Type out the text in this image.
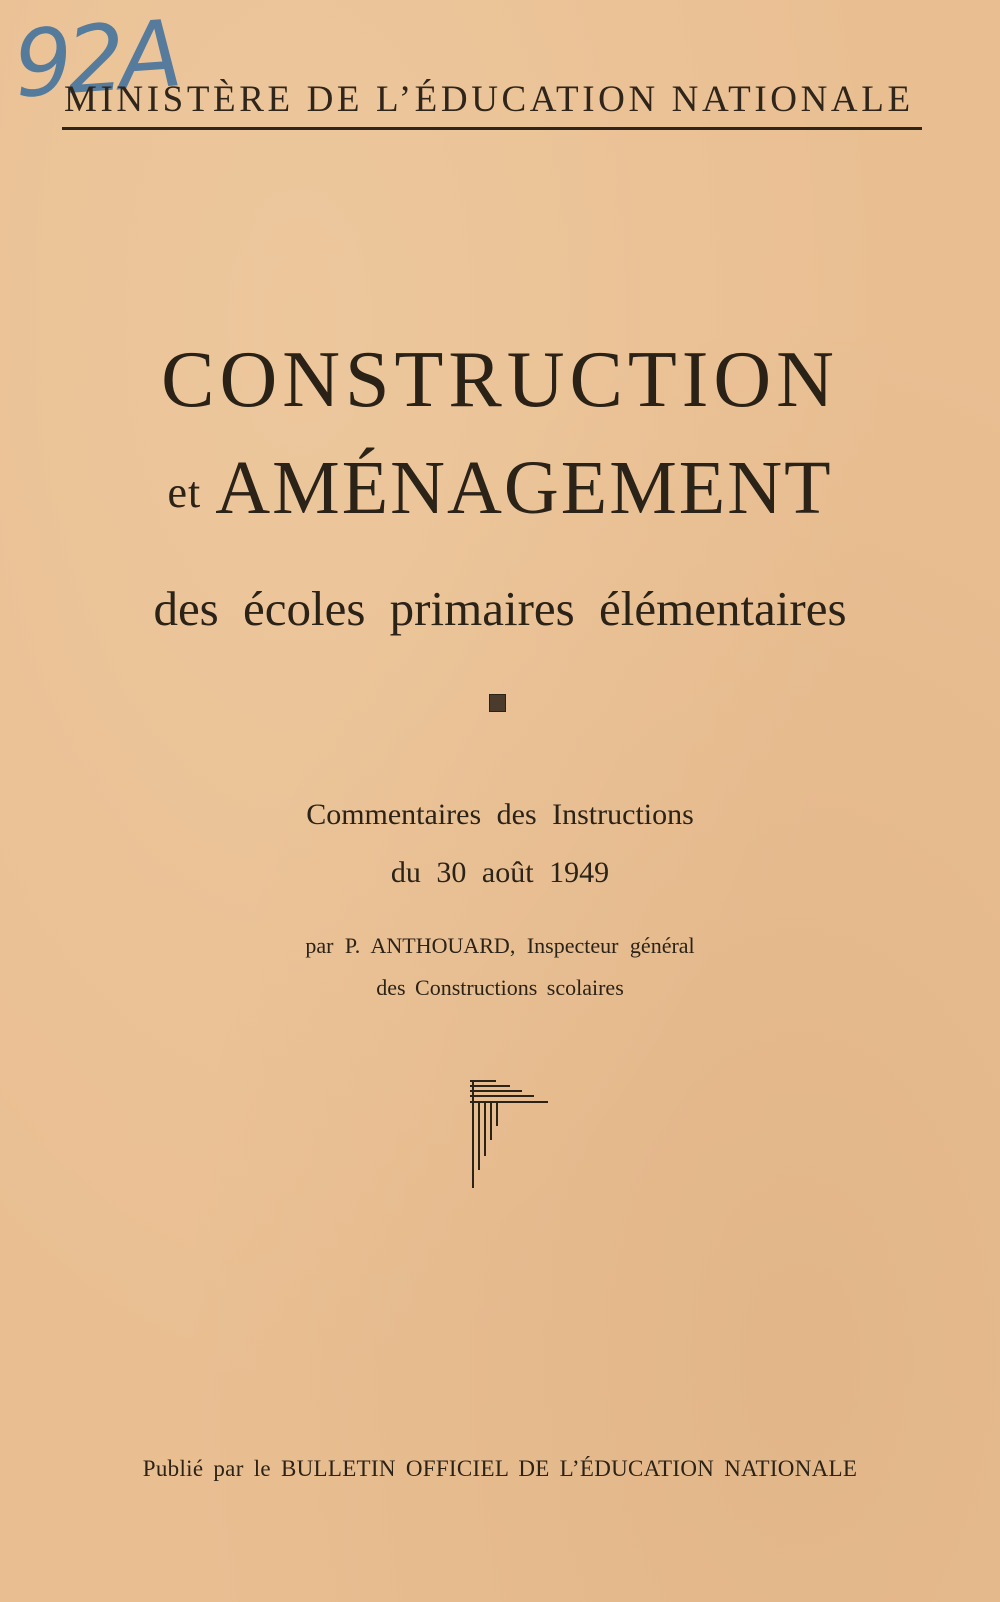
92A
MINISTÈRE DE L’ÉDUCATION NATIONALE
CONSTRUCTION
et AMÉNAGEMENT
des écoles primaires élémentaires
Commentaires des Instructions
du 30 août 1949
par P. ANTHOUARD, Inspecteur général
des Constructions scolaires
Publié par le BULLETIN OFFICIEL DE L’ÉDUCATION NATIONALE
